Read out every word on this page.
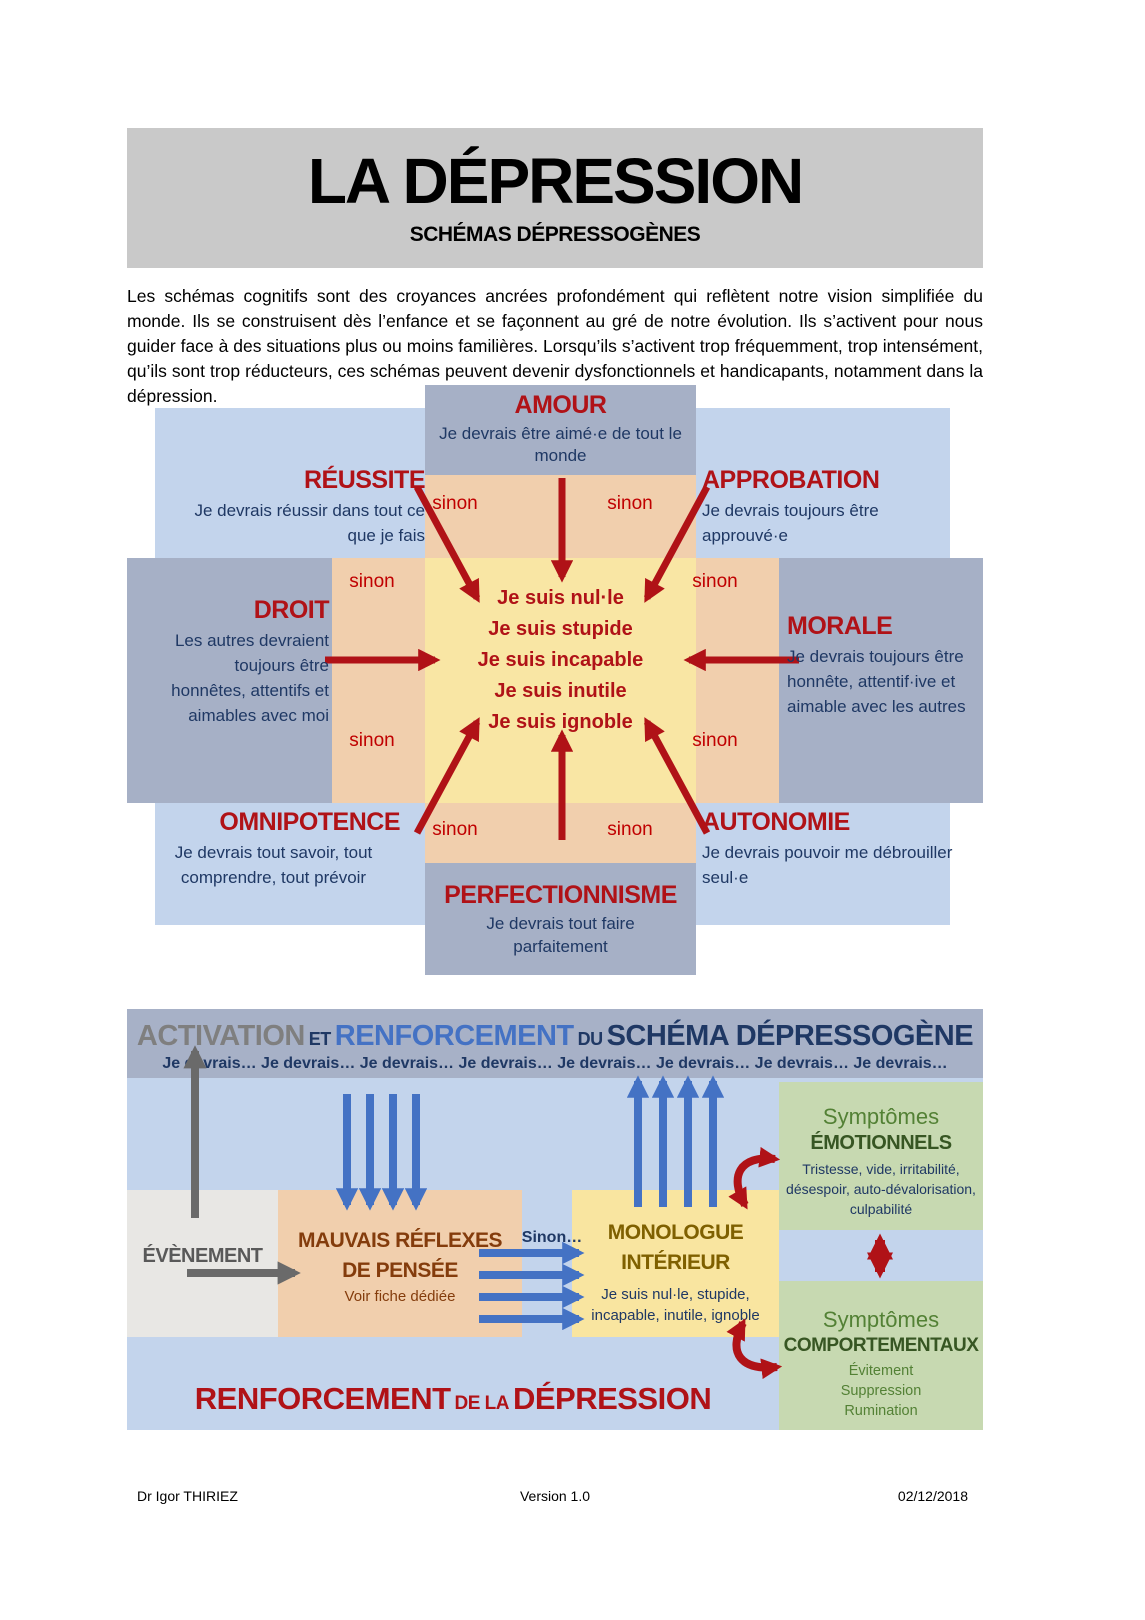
LA DÉPRESSION
SCHÉMAS DÉPRESSOGÈNES
Les schémas cognitifs sont des croyances ancrées profondément qui reflètent notre vision simplifiée du monde. Ils se construisent dès l’enfance et se façonnent au gré de notre évolution. Ils s’activent pour nous guider face à des situations plus ou moins familières. Lorsqu’ils s’activent trop fréquemment, trop intensément, qu’ils sont trop réducteurs, ces schémas peuvent devenir dysfonctionnels et handicapants, notamment dans la dépression.	AMOUR
Je devrais être aimé·e de tout le
monde
RÉUSSITE
Je devrais réussir dans tout ce
que je fais
APPROBATION
Je devrais toujours être
approuvé·e
DROIT
Les autres devraient
toujours être
honnêtes, attentifs et
aimables avec moi
MORALE
Je devrais toujours être
honnête, attentif·ive et
aimable avec les autres
OMNIPOTENCE
Je devrais tout savoir, tout
comprendre, tout prévoir
AUTONOMIE
Je devrais pouvoir me débrouiller
seul·e
PERFECTIONNISME
Je devrais tout faire
parfaitement
Je suis nul·le
Je suis stupide
Je suis incapable
Je suis inutile
Je suis ignoble
sinon	sinon
sinon	sinon
sinon	sinon
sinon	sinon
ACTIVATION ET RENFORCEMENT DU SCHÉMA DÉPRESSOGÈNE
Je devrais… Je devrais… Je devrais… Je devrais… Je devrais… Je devrais… Je devrais… Je devrais…
ÉVÈNEMENT
MAUVAIS RÉFLEXES
DE PENSÉE
Voir fiche dédiée
MONOLOGUE
INTÉRIEUR
Je suis nul·le, stupide,
incapable, inutile, ignoble
Symptômes
ÉMOTIONNELS
Tristesse, vide, irritabilité,
désespoir, auto-dévalorisation,
culpabilité
Symptômes
COMPORTEMENTAUX
Évitement
Suppression
Rumination
Sinon…
RENFORCEMENT DE LA DÉPRESSION
Dr Igor THIRIEZ	Version 1.0	02/12/2018
